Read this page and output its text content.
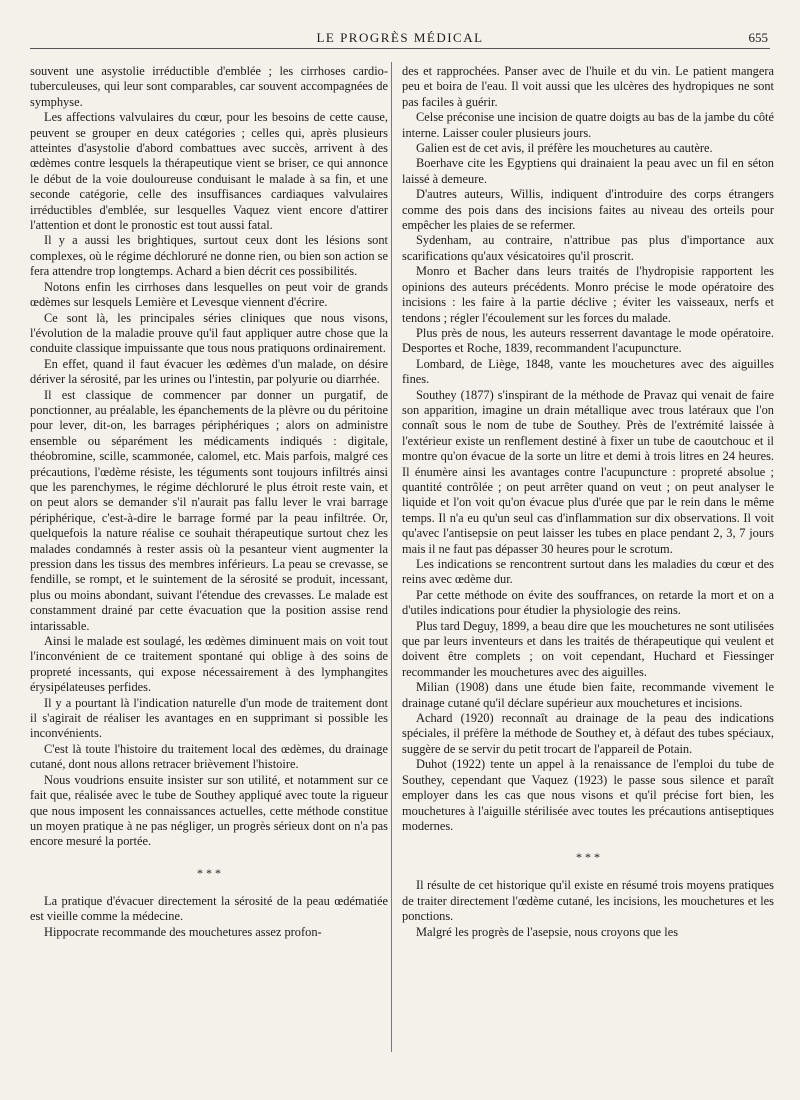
LE PROGRÈS MÉDICAL	655

souvent une asystolie irréductible d'emblée ; les cirrhoses cardio-tuberculeuses, qui leur sont comparables, car souvent accompagnées de symphyse.

Les affections valvulaires du cœur, pour les besoins de cette cause, peuvent se grouper en deux catégories ; celles qui, après plusieurs atteintes d'asystolie d'abord combattues avec succès, arrivent à des œdèmes contre lesquels la thérapeutique vient se briser, ce qui annonce le début de la voie douloureuse conduisant le malade à sa fin, et une seconde catégorie, celle des insuffisances cardiaques valvulaires irréductibles d'emblée, sur lesquelles Vaquez vient encore d'attirer l'attention et dont le pronostic est tout aussi fatal.

Il y a aussi les brightiques, surtout ceux dont les lésions sont complexes, où le régime déchloruré ne donne rien, ou bien son action se fera attendre trop longtemps. Achard a bien décrit ces possibilités.

Notons enfin les cirrhoses dans lesquelles on peut voir de grands œdèmes sur lesquels Lemière et Levesque viennent d'écrire.

Ce sont là, les principales séries cliniques que nous visons, l'évolution de la maladie prouve qu'il faut appliquer autre chose que la conduite classique impuissante que tous nous pratiquons ordinairement.

En effet, quand il faut évacuer les œdèmes d'un malade, on désire dériver la sérosité, par les urines ou l'intestin, par polyurie ou diarrhée.

Il est classique de commencer par donner un purgatif, de ponctionner, au préalable, les épanchements de la plèvre ou du péritoine pour lever, dit-on, les barrages périphériques ; alors on administre ensemble ou séparément les médicaments indiqués : digitale, théobromine, scille, scammonée, calomel, etc. Mais parfois, malgré ces précautions, l'œdème résiste, les téguments sont toujours infiltrés ainsi que les parenchymes, le régime déchloruré le plus étroit reste vain, et on peut alors se demander s'il n'aurait pas fallu lever le vrai barrage périphérique, c'est-à-dire le barrage formé par la peau infiltrée. Or, quelquefois la nature réalise ce souhait thérapeutique surtout chez les malades condamnés à rester assis où la pesanteur vient augmenter la pression dans les tissus des membres inférieurs. La peau se crevasse, se fendille, se rompt, et le suintement de la sérosité se produit, incessant, plus ou moins abondant, suivant l'étendue des crevasses. Le malade est constamment drainé par cette évacuation que la position assise rend intarissable.

Ainsi le malade est soulagé, les œdèmes diminuent mais on voit tout l'inconvénient de ce traitement spontané qui oblige à des soins de propreté incessants, qui expose nécessairement à des lymphangites érysipélateuses perfides.

Il y a pourtant là l'indication naturelle d'un mode de traitement dont il s'agirait de réaliser les avantages en en supprimant si possible les inconvénients.

C'est là toute l'histoire du traitement local des œdèmes, du drainage cutané, dont nous allons retracer brièvement l'histoire.

Nous voudrions ensuite insister sur son utilité, et notamment sur ce fait que, réalisée avec le tube de Southey appliqué avec toute la rigueur que nous imposent les connaissances actuelles, cette méthode constitue un moyen pratique à ne pas négliger, un progrès sérieux dont on n'a pas encore mesuré la portée.

* * *

La pratique d'évacuer directement la sérosité de la peau œdématiée est vieille comme la médecine.

Hippocrate recommande des mouchetures assez profon-

des et rapprochées. Panser avec de l'huile et du vin. Le patient mangera peu et boira de l'eau. Il voit aussi que les ulcères des hydropiques ne sont pas faciles à guérir.

Celse préconise une incision de quatre doigts au bas de la jambe du côté interne. Laisser couler plusieurs jours.

Galien est de cet avis, il préfère les mouchetures au cautère.

Boerhave cite les Egyptiens qui drainaient la peau avec un fil en séton laissé à demeure.

D'autres auteurs, Willis, indiquent d'introduire des corps étrangers comme des pois dans des incisions faites au niveau des orteils pour empêcher les plaies de se refermer.

Sydenham, au contraire, n'attribue pas plus d'importance aux scarifications qu'aux vésicatoires qu'il proscrit.

Monro et Bacher dans leurs traités de l'hydropisie rapportent les opinions des auteurs précédents. Monro précise le mode opératoire des incisions : les faire à la partie déclive ; éviter les vaisseaux, nerfs et tendons ; régler l'écoulement sur les forces du malade.

Plus près de nous, les auteurs resserrent davantage le mode opératoire. Desportes et Roche, 1839, recommandent l'acupuncture.

Lombard, de Liège, 1848, vante les mouchetures avec des aiguilles fines.

Southey (1877) s'inspirant de la méthode de Pravaz qui venait de faire son apparition, imagine un drain métallique avec trous latéraux que l'on connaît sous le nom de tube de Southey. Près de l'extrémité laissée à l'extérieur existe un renflement destiné à fixer un tube de caoutchouc et il montre qu'on évacue de la sorte un litre et demi à trois litres en 24 heures. Il énumère ainsi les avantages contre l'acupuncture : propreté absolue ; quantité contrôlée ; on peut arrêter quand on veut ; on peut analyser le liquide et l'on voit qu'on évacue plus d'urée que par le rein dans le même temps. Il n'a eu qu'un seul cas d'inflammation sur dix observations. Il voit qu'avec l'antisepsie on peut laisser les tubes en place pendant 2, 3, 7 jours mais il ne faut pas dépasser 30 heures pour le scrotum.

Les indications se rencontrent surtout dans les maladies du cœur et des reins avec œdème dur.

Par cette méthode on évite des souffrances, on retarde la mort et on a d'utiles indications pour étudier la physiologie des reins.

Plus tard Deguy, 1899, a beau dire que les mouchetures ne sont utilisées que par leurs inventeurs et dans les traités de thérapeutique qui veulent et doivent être complets ; on voit cependant, Huchard et Fiessinger recommander les mouchetures avec des aiguilles.

Milian (1908) dans une étude bien faite, recommande vivement le drainage cutané qu'il déclare supérieur aux mouchetures et incisions.

Achard (1920) reconnaît au drainage de la peau des indications spéciales, il préfère la méthode de Southey et, à défaut des tubes spéciaux, suggère de se servir du petit trocart de l'appareil de Potain.

Duhot (1922) tente un appel à la renaissance de l'emploi du tube de Southey, cependant que Vaquez (1923) le passe sous silence et paraît employer dans les cas que nous visons et qu'il précise fort bien, les mouchetures à l'aiguille stérilisée avec toutes les précautions antiseptiques modernes.

* * *

Il résulte de cet historique qu'il existe en résumé trois moyens pratiques de traiter directement l'œdème cutané, les incisions, les mouchetures et les ponctions.

Malgré les progrès de l'asepsie, nous croyons que les
